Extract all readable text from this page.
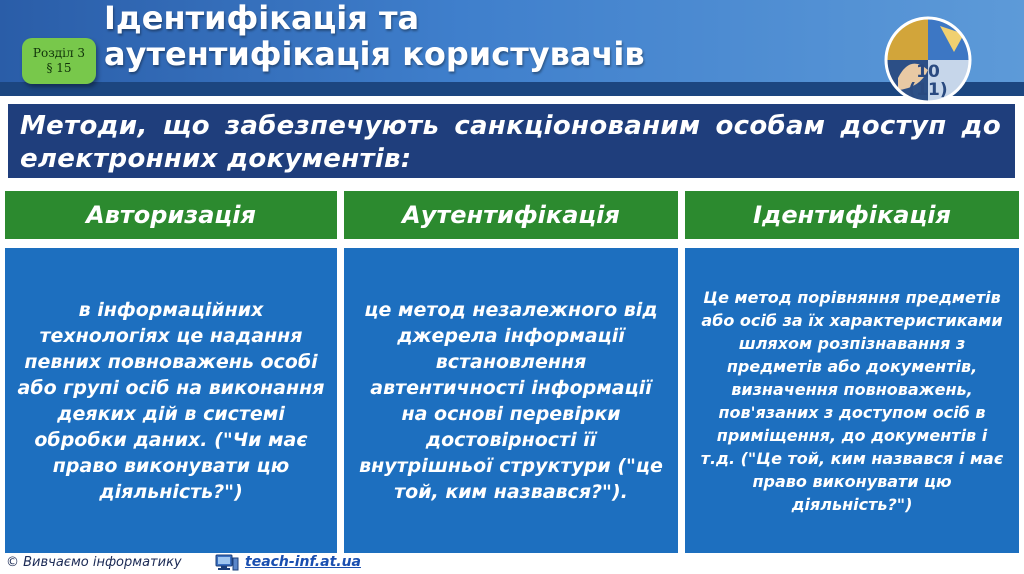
Розділ 3
§ 15
Ідентифікація та
аутентифікація користувачів	10
(11)
Методи, що забезпечують санкціонованим особам доступ до електронних документів:
Авторизація	Аутентифікація	Ідентифікація
в інформаційних технологіях це надання певних повноважень особі або групі осіб на виконання деяких дій в системі обробки даних. ("Чи має право виконувати цю діяльність?")
це метод незалежного від джерела інформації встановлення автентичності інформації на основі перевірки достовірності її внутрішньої структури ("це той, ким назвався?").
Це метод порівняння предметів або осіб за їх характеристиками шляхом розпізнавання з предметів або документів, визначення повноважень, пов'язаних з доступом осіб в приміщення, до документів і т.д. ("Це той, ким назвався і має право виконувати цю діяльність?")
© Вивчаємо інформатику	teach-inf.at.ua
